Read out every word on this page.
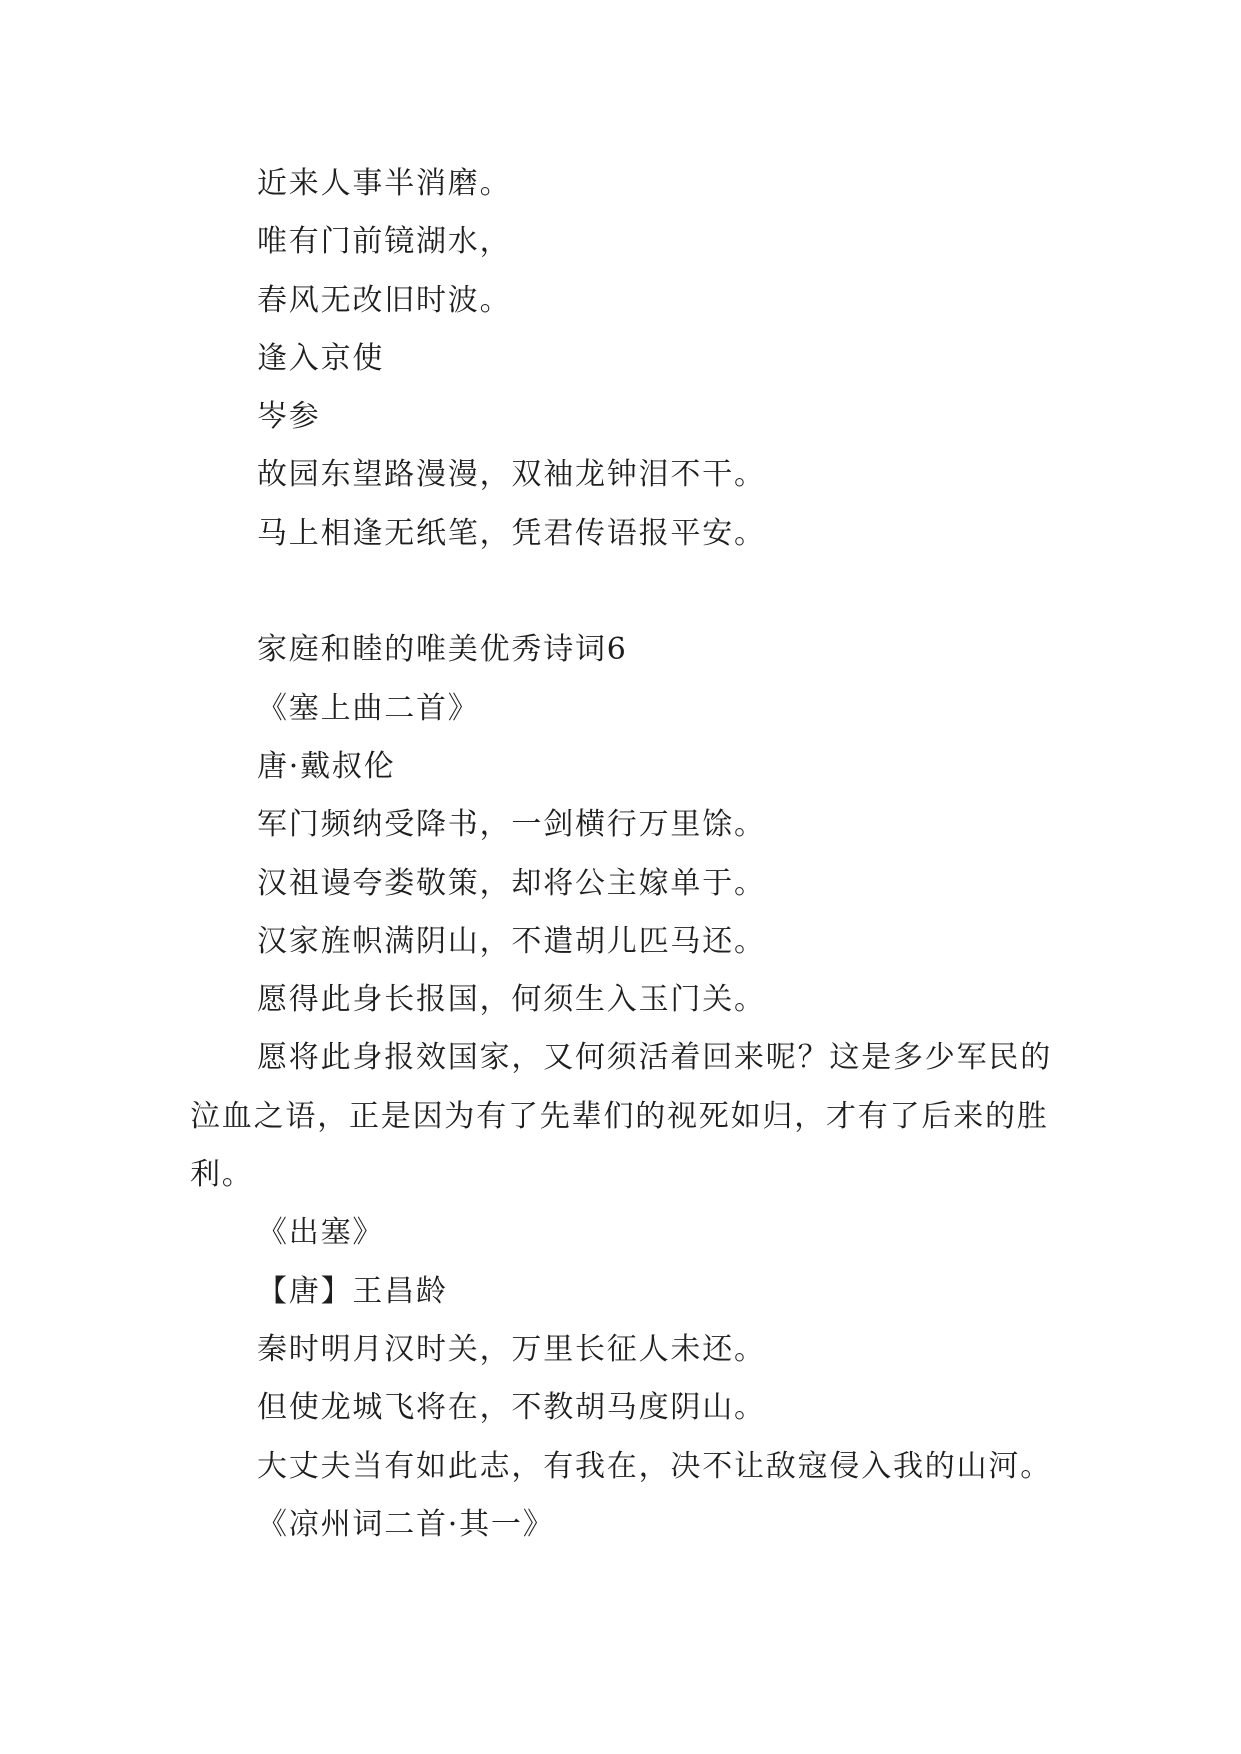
近来人事半消磨。
唯有门前镜湖水，
春风无改旧时波。
逢入京使
岑参
故园东望路漫漫，双袖龙钟泪不干。
马上相逢无纸笔，凭君传语报平安。
家庭和睦的唯美优秀诗词6
《塞上曲二首》
唐·戴叔伦
军门频纳受降书，一剑横行万里馀。
汉祖谩夸娄敬策，却将公主嫁单于。
汉家旌帜满阴山，不遣胡儿匹马还。
愿得此身长报国，何须生入玉门关。
愿将此身报效国家，又何须活着回来呢？这是多少军民的泣血之语，正是因为有了先辈们的视死如归，才有了后来的胜利。
《出塞》
【唐】王昌龄
秦时明月汉时关，万里长征人未还。
但使龙城飞将在，不教胡马度阴山。
大丈夫当有如此志，有我在，决不让敌寇侵入我的山河。
《凉州词二首·其一》
